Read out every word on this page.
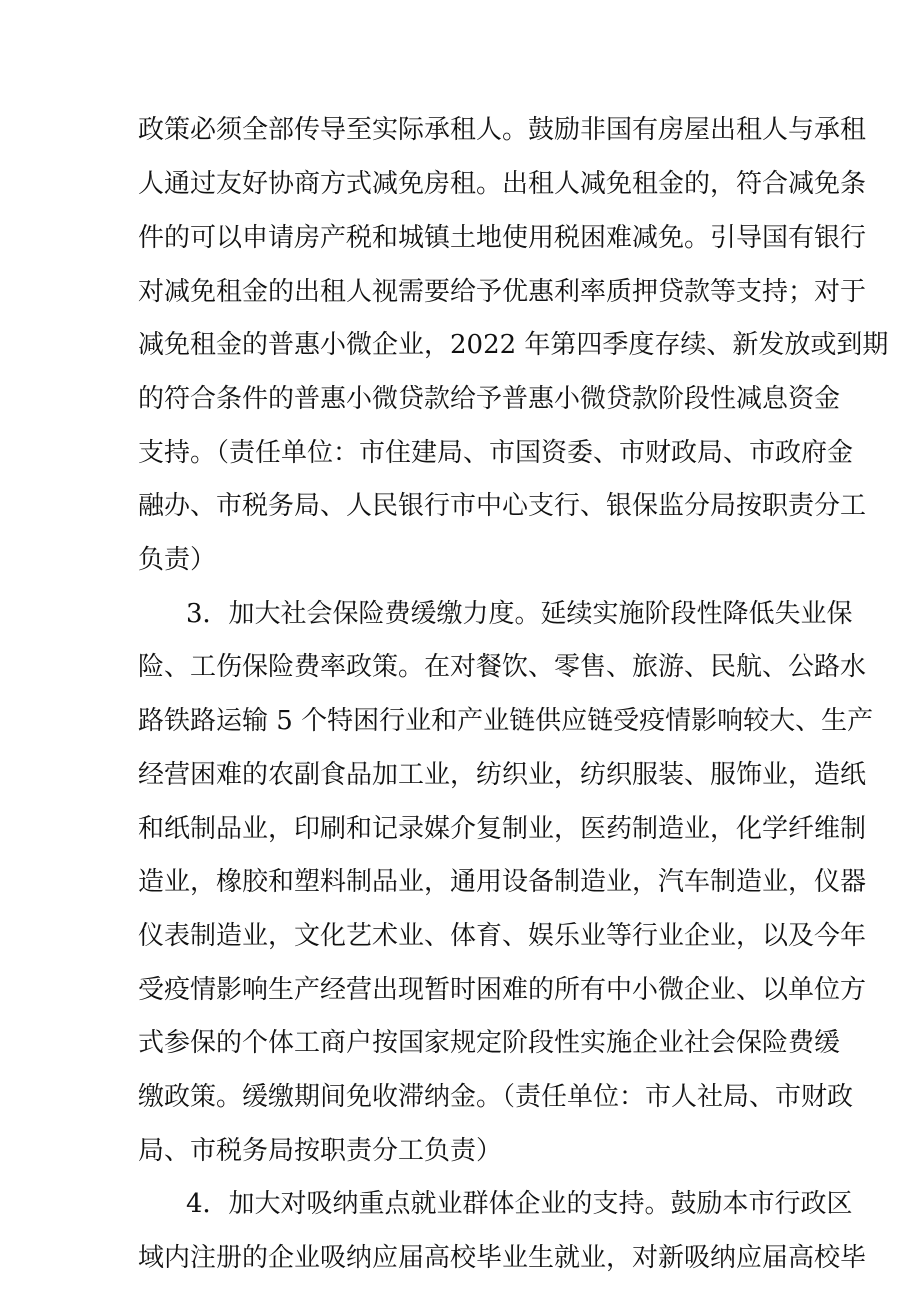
政策必须全部传导至实际承租人。鼓励非国有房屋出租人与承租
人通过友好协商方式减免房租。出租人减免租金的，符合减免条
件的可以申请房产税和城镇土地使用税困难减免。引导国有银行
对减免租金的出租人视需要给予优惠利率质押贷款等支持；对于
减免租金的普惠小微企业，2022 年第四季度存续、新发放或到期
的符合条件的普惠小微贷款给予普惠小微贷款阶段性减息资金
支持。（责任单位：市住建局、市国资委、市财政局、市政府金
融办、市税务局、人民银行市中心支行、银保监分局按职责分工
负责）
3．加大社会保险费缓缴力度。延续实施阶段性降低失业保
险、工伤保险费率政策。在对餐饮、零售、旅游、民航、公路水
路铁路运输 5 个特困行业和产业链供应链受疫情影响较大、生产
经营困难的农副食品加工业，纺织业，纺织服装、服饰业，造纸
和纸制品业，印刷和记录媒介复制业，医药制造业，化学纤维制
造业，橡胶和塑料制品业，通用设备制造业，汽车制造业，仪器
仪表制造业，文化艺术业、体育、娱乐业等行业企业，以及今年
受疫情影响生产经营出现暂时困难的所有中小微企业、以单位方
式参保的个体工商户按国家规定阶段性实施企业社会保险费缓
缴政策。缓缴期间免收滞纳金。（责任单位：市人社局、市财政
局、市税务局按职责分工负责）
4．加大对吸纳重点就业群体企业的支持。鼓励本市行政区
域内注册的企业吸纳应届高校毕业生就业，对新吸纳应届高校毕
